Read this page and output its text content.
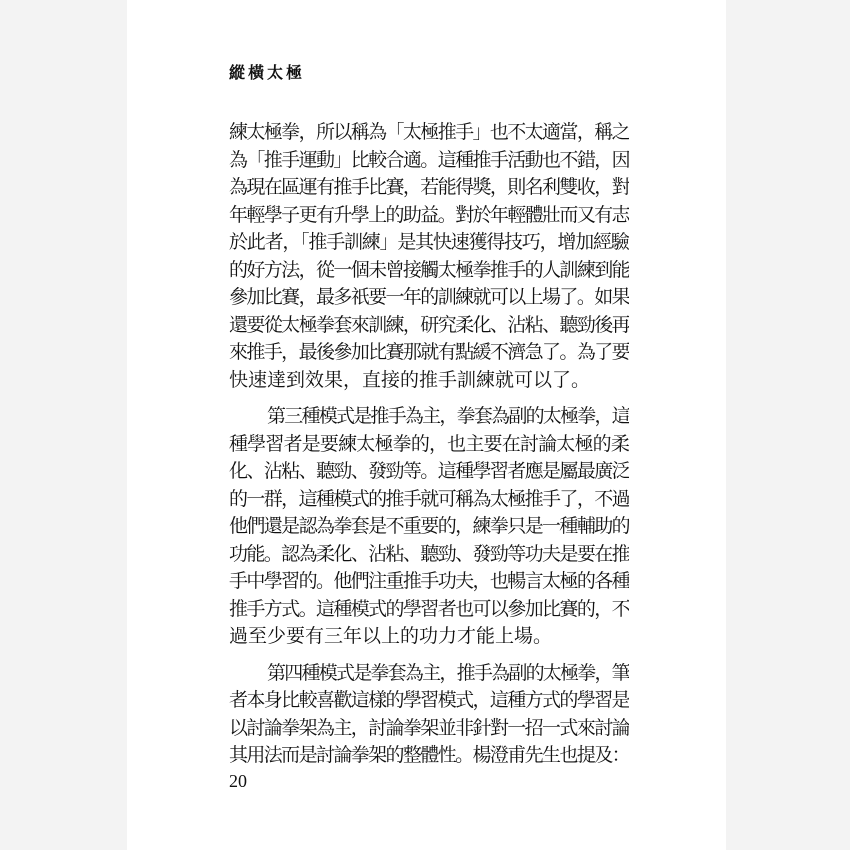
縱橫太極
練太極拳，所以稱為「太極推手」也不太適當，稱之
為「推手運動」比較合適。這種推手活動也不錯，因
為現在區運有推手比賽，若能得獎，則名利雙收，對
年輕學子更有升學上的助益。對於年輕體壯而又有志
於此者，「推手訓練」是其快速獲得技巧，增加經驗
的好方法，從一個未曾接觸太極拳推手的人訓練到能
參加比賽，最多祇要一年的訓練就可以上場了。如果
還要從太極拳套來訓練，研究柔化、沾粘、聽勁後再
來推手，最後參加比賽那就有點緩不濟急了。為了要
快速達到效果，直接的推手訓練就可以了。
第三種模式是推手為主，拳套為副的太極拳，這
種學習者是要練太極拳的，也主要在討論太極的柔
化、沾粘、聽勁、發勁等。這種學習者應是屬最廣泛
的一群，這種模式的推手就可稱為太極推手了，不過
他們還是認為拳套是不重要的，練拳只是一種輔助的
功能。認為柔化、沾粘、聽勁、發勁等功夫是要在推
手中學習的。他們注重推手功夫，也暢言太極的各種
推手方式。這種模式的學習者也可以參加比賽的，不
過至少要有三年以上的功力才能上場。
第四種模式是拳套為主，推手為副的太極拳，筆
者本身比較喜歡這樣的學習模式，這種方式的學習是
以討論拳架為主，討論拳架並非針對一招一式來討論
其用法而是討論拳架的整體性。楊澄甫先生也提及：
20
